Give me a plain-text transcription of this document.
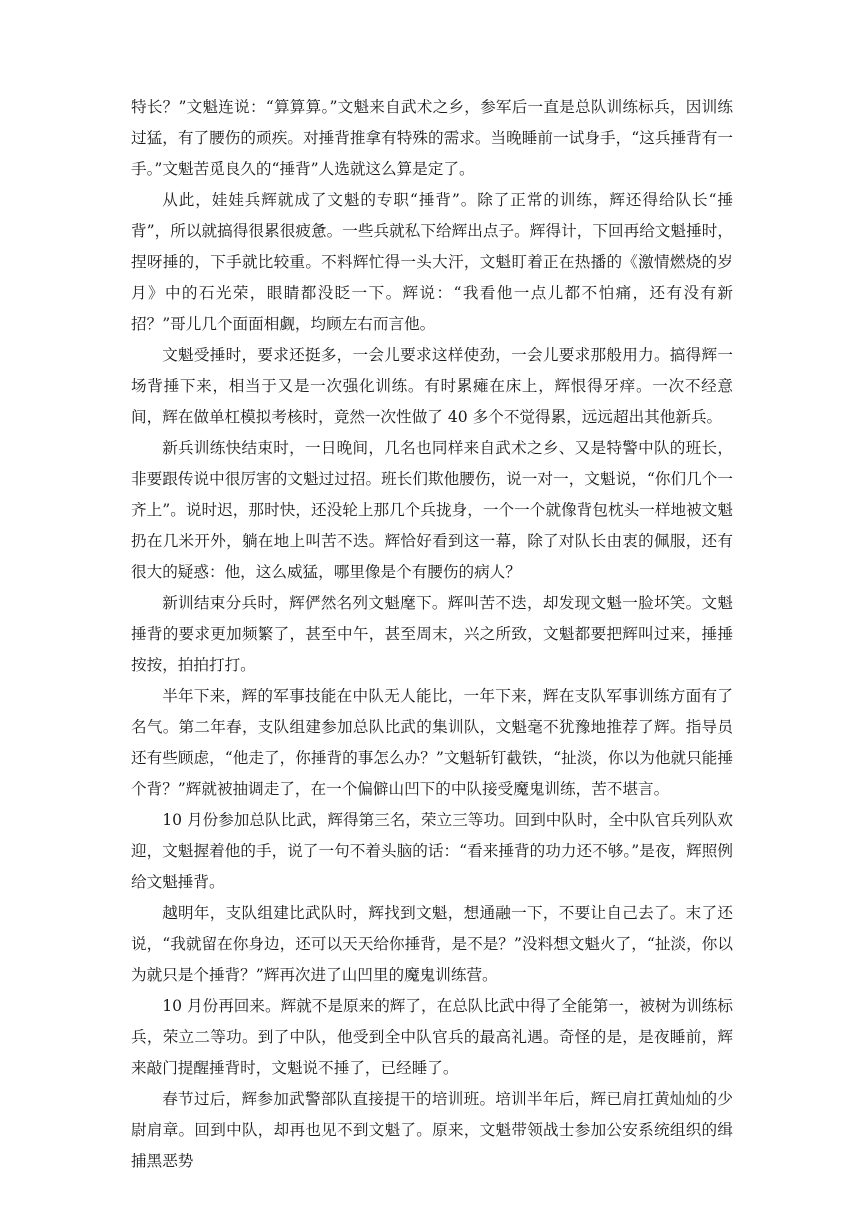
特长？”文魁连说：“算算算。”文魁来自武术之乡，参军后一直是总队训练标兵，因训练过猛，有了腰伤的顽疾。对捶背推拿有特殊的需求。当晚睡前一试身手，“这兵捶背有一手。”文魁苦觅良久的“捶背”人选就这么算是定了。

从此，娃娃兵辉就成了文魁的专职“捶背”。除了正常的训练，辉还得给队长“捶背”，所以就搞得很累很疲惫。一些兵就私下给辉出点子。辉得计，下回再给文魁捶时，捏呀捶的，下手就比较重。不料辉忙得一头大汗，文魁盯着正在热播的《激情燃烧的岁月》中的石光荣，眼睛都没眨一下。辉说：“我看他一点儿都不怕痛，还有没有新招？”哥儿几个面面相觑，均顾左右而言他。

文魁受捶时，要求还挺多，一会儿要求这样使劲，一会儿要求那般用力。搞得辉一场背捶下来，相当于又是一次强化训练。有时累瘫在床上，辉恨得牙痒。一次不经意间，辉在做单杠模拟考核时，竟然一次性做了 40 多个不觉得累，远远超出其他新兵。

新兵训练快结束时，一日晚间，几名也同样来自武术之乡、又是特警中队的班长，非要跟传说中很厉害的文魁过过招。班长们欺他腰伤，说一对一，文魁说，“你们几个一齐上”。说时迟，那时快，还没轮上那几个兵拢身，一个一个就像背包枕头一样地被文魁扔在几米开外，躺在地上叫苦不迭。辉恰好看到这一幕，除了对队长由衷的佩服，还有很大的疑惑：他，这么威猛，哪里像是个有腰伤的病人？

新训结束分兵时，辉俨然名列文魁麾下。辉叫苦不迭，却发现文魁一脸坏笑。文魁捶背的要求更加频繁了，甚至中午，甚至周末，兴之所致，文魁都要把辉叫过来，捶捶按按，拍拍打打。

半年下来，辉的军事技能在中队无人能比，一年下来，辉在支队军事训练方面有了名气。第二年春，支队组建参加总队比武的集训队，文魁毫不犹豫地推荐了辉。指导员还有些顾虑，“他走了，你捶背的事怎么办？”文魁斩钉截铁，“扯淡，你以为他就只能捶个背？”辉就被抽调走了，在一个偏僻山凹下的中队接受魔鬼训练，苦不堪言。

10 月份参加总队比武，辉得第三名，荣立三等功。回到中队时，全中队官兵列队欢迎，文魁握着他的手，说了一句不着头脑的话：“看来捶背的功力还不够。”是夜，辉照例给文魁捶背。

越明年，支队组建比武队时，辉找到文魁，想通融一下，不要让自己去了。末了还说，“我就留在你身边，还可以天天给你捶背，是不是？”没料想文魁火了，“扯淡，你以为就只是个捶背？”辉再次进了山凹里的魔鬼训练营。

10 月份再回来。辉就不是原来的辉了，在总队比武中得了全能第一，被树为训练标兵，荣立二等功。到了中队，他受到全中队官兵的最高礼遇。奇怪的是，是夜睡前，辉来敲门提醒捶背时，文魁说不捶了，已经睡了。

春节过后，辉参加武警部队直接提干的培训班。培训半年后，辉已肩扛黄灿灿的少尉肩章。回到中队，却再也见不到文魁了。原来，文魁带领战士参加公安系统组织的缉捕黑恶势
